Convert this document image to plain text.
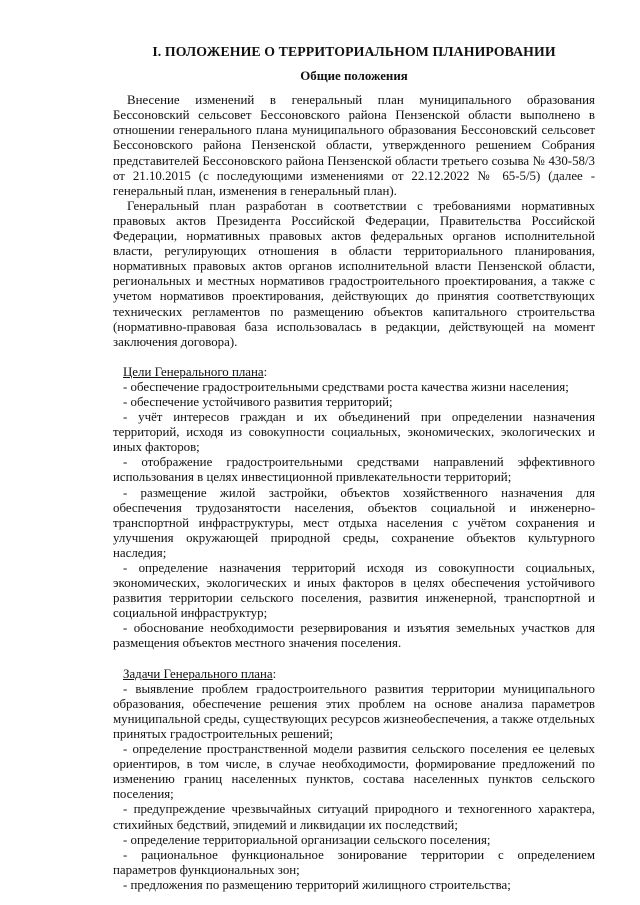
I. ПОЛОЖЕНИЕ О ТЕРРИТОРИАЛЬНОМ ПЛАНИРОВАНИИ
Общие положения

Внесение изменений в генеральный план муниципального образования Бессоновский сельсовет Бессоновского района Пензенской области выполнено в отношении генерального плана муниципального образования Бессоновский сельсовет Бессоновского района Пензенской области, утвержденного решением Собрания представителей Бессоновского района Пензенской области третьего созыва № 430-58/3 от 21.10.2015 (с последующими изменениями от 22.12.2022 № 65-5/5) (далее - генеральный план, изменения в генеральный план).

Генеральный план разработан в соответствии с требованиями нормативных правовых актов Президента Российской Федерации, Правительства Российской Федерации, нормативных правовых актов федеральных органов исполнительной власти, регулирующих отношения в области территориального планирования, нормативных правовых актов органов исполнительной власти Пензенской области, региональных и местных нормативов градостроительного проектирования, а также с учетом нормативов проектирования, действующих до принятия соответствующих технических регламентов по размещению объектов капитального строительства (нормативно-правовая база использовалась в редакции, действующей на момент заключения договора).

Цели Генерального плана:

- обеспечение градостроительными средствами роста качества жизни населения;

- обеспечение устойчивого развития территорий;

- учёт интересов граждан и их объединений при определении назначения территорий, исходя из совокупности социальных, экономических, экологических и иных факторов;

- отображение градостроительными средствами направлений эффективного использования в целях инвестиционной привлекательности территорий;

- размещение жилой застройки, объектов хозяйственного назначения для обеспечения трудозанятости населения, объектов социальной и инженерно-транспортной инфраструктуры, мест отдыха населения с учётом сохранения и улучшения окружающей природной среды, сохранение объектов культурного наследия;

- определение назначения территорий исходя из совокупности социальных, экономических, экологических и иных факторов в целях обеспечения устойчивого развития территории сельского поселения, развития инженерной, транспортной и социальной инфраструктур;

- обоснование необходимости резервирования и изъятия земельных участков для размещения объектов местного значения поселения.

Задачи Генерального плана:

- выявление проблем градостроительного развития территории муниципального образования, обеспечение решения этих проблем на основе анализа параметров муниципальной среды, существующих ресурсов жизнеобеспечения, а также отдельных принятых градостроительных решений;

- определение пространственной модели развития сельского поселения ее целевых ориентиров, в том числе, в случае необходимости, формирование предложений по изменению границ населенных пунктов, состава населенных пунктов сельского поселения;

- предупреждение чрезвычайных ситуаций природного и техногенного характера, стихийных бедствий, эпидемий и ликвидации их последствий;

- определение территориальной организации сельского поселения;

- рациональное функциональное зонирование территории с определением параметров функциональных зон;

- предложения по размещению территорий жилищного строительства;
